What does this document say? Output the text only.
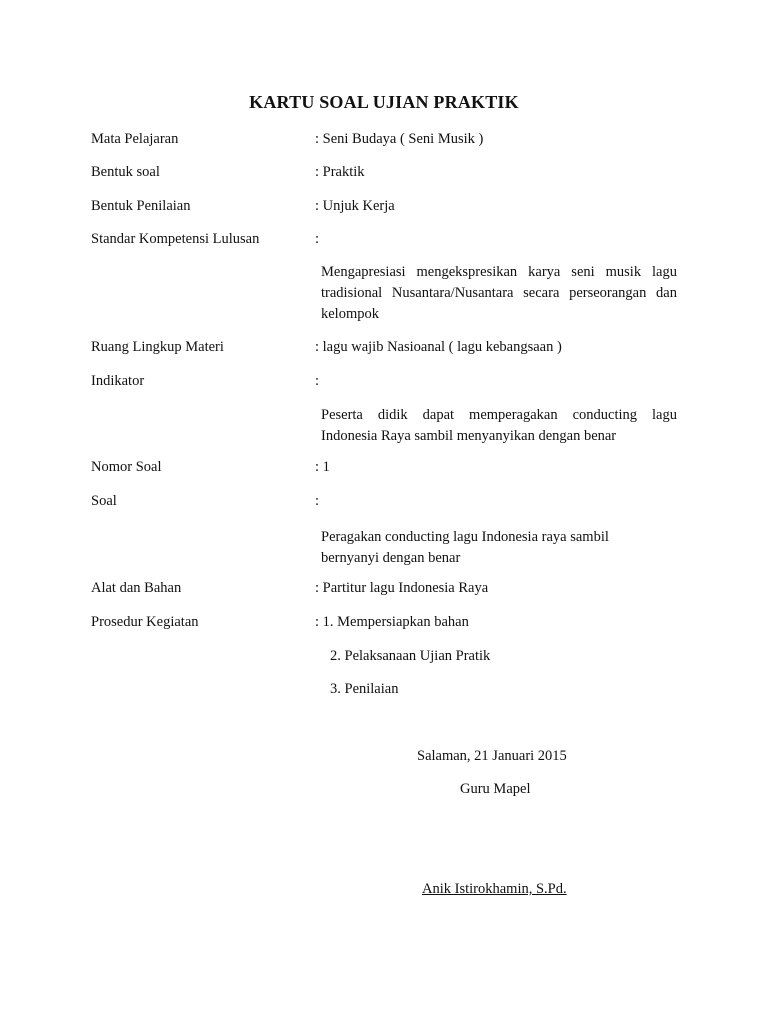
KARTU SOAL UJIAN PRAKTIK
Mata Pelajaran	: Seni Budaya ( Seni Musik )
Bentuk soal	: Praktik
Bentuk Penilaian	: Unjuk Kerja
Standar Kompetensi Lulusan	:
Mengapresiasi mengekspresikan karya seni musik lagu tradisional Nusantara/Nusantara secara perseorangan dan kelompok
Ruang Lingkup Materi	: lagu wajib Nasioanal ( lagu kebangsaan )
Indikator	:
Peserta didik dapat memperagakan conducting lagu Indonesia Raya sambil menyanyikan dengan benar
Nomor Soal	: 1
Soal	:
Peragakan conducting lagu Indonesia raya sambil bernyanyi dengan benar
Alat dan Bahan	: Partitur lagu Indonesia Raya
Prosedur Kegiatan	: 1. Mempersiapkan bahan
2. Pelaksanaan Ujian Pratik
3. Penilaian
Salaman, 21 Januari 2015
Guru Mapel
Anik Istirokhamin, S.Pd.
